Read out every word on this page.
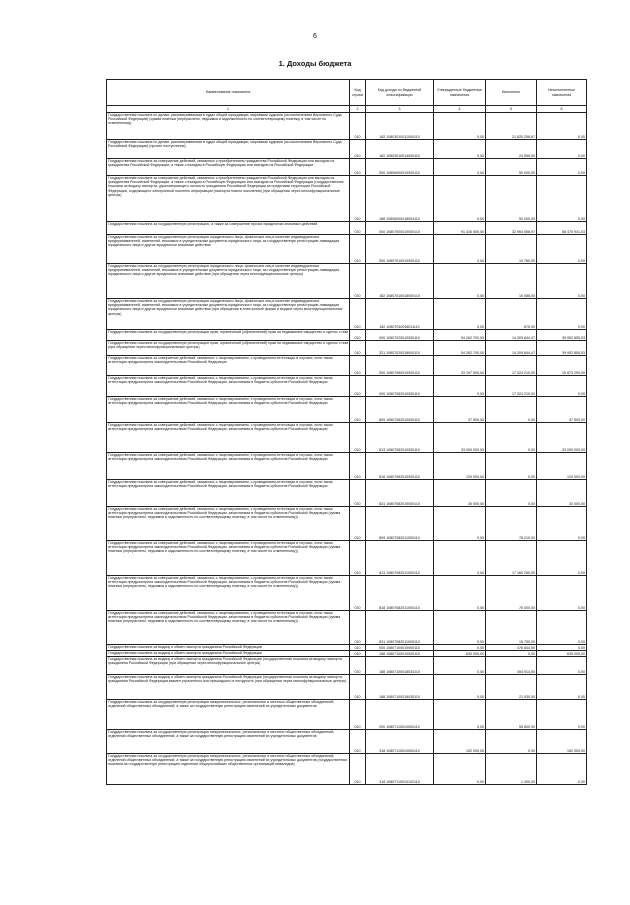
6
1. Доходы бюджета
Наименование показателя	Код строки	Код дохода по бюджетной классификации	Утвержденные бюджетные назначения	Исполнено	Неисполненные назначения
1	2	3	4	5	6
Государственная пошлина по делам, рассматриваемым в судах общей юрисдикции, мировыми судьями (за исключением Верховного Суда Российской Федерации) (сумма платежа (перерасчеты, недоимка и задолженность по соответствующему платежу, в том числе по отмененному)	010	182 10803010011000110	0,00	21 620 256,67	0,00
Государственная пошлина по делам, рассматриваемым в судах общей юрисдикции, мировыми судьями (за исключением Верховного Суда Российской Федерации) (прочие поступления)	010	182 10803010014000110	0,00	24 555,00	0,00
Государственная пошлина за совершение действий, связанных с приобретением гражданства Российской Федерации или выходом из гражданства Российской Федерации, а также с въездом в Российскую Федерацию или выездом из Российской Федерации	010	000 10806000010000110	0,00	50 000,00	0,00
Государственная пошлина за совершение действий, связанных с приобретением гражданства Российской Федерации или выходом из гражданства Российской Федерации, а также с въездом в Российскую Федерацию или выездом из Российской Федерации (государственная пошлина за выдачу паспорта, удостоверяющего личность гражданина Российской Федерации за пределами территории Российской Федерации, содержащего электронный носитель информации (паспорта нового поколения) (при обращении через многофункциональные центры)	010	188 10806000018004110	0,00	50 000,00	0,00
Государственная пошлина за государственную регистрацию, а также за совершение прочих юридически значимых действий	010	000 10807000010000110	91 435 500,00	32 964 558,97	58 470 941,03
Государственная пошлина за государственную регистрацию юридического лица, физических лиц в качестве индивидуальных предпринимателей, изменений, вносимых в учредительные документы юридического лица, за государственную регистрацию ликвидации юридического лица и другие юридически значимые действия	010	000 10807010010000110	0,00	10 760,00	0,00
Государственная пошлина за государственную регистрацию юридического лица, физических лиц в качестве индивидуальных предпринимателей, изменений, вносимых в учредительные документы юридического лица, за государственную регистрацию ликвидации юридического лица и другие юридически значимые действия (при обращении через многофункциональные центры)	010	182 10807010018000110	0,00	10 085,00	0,00
Государственная пошлина за государственную регистрацию юридического лица, физических лиц в качестве индивидуальных предпринимателей, изменений, вносимых в учредительные документы юридического лица, за государственную регистрацию ликвидации юридического лица и другие юридически значимые действия (при обращении в электронной форме и выдаче через многофункциональные центры)	010	182 10807010018011110	0,00	675,00	0,00
Государственная пошлина за государственную регистрацию прав, ограничений (обременений) прав на недвижимое имущество и сделок с ним	010	000 10807020010000110	54 262 700,00	14 309 844,47	39 952 855,53
Государственная пошлина за государственную регистрацию прав, ограничений (обременений) прав на недвижимое имущество и сделок с ним (при обращении через многофункциональные центры)	010	321 10807020018000110	54 262 700,00	14 309 844,47	39 952 855,53
Государственная пошлина за совершение действий, связанных с лицензированием, с проведением аттестации в случаях, если такая аттестация предусмотрена законодательством Российской Федерации	010	000 10807080010000110	33 197 500,00	17 324 210,00	15 873 290,00
Государственная пошлина за совершение действий, связанных с лицензированием, с проведением аттестации в случаях, если такая аттестация предусмотрена законодательством Российской Федерации, зачисляемая в бюджеты субъектов Российской Федерации	010	000 10807082010000110	0,00	17 324 210,00	0,00
Государственная пошлина за совершение действий, связанных с лицензированием, с проведением аттестации в случаях, если такая аттестация предусмотрена законодательством Российской Федерации, зачисляемая в бюджеты субъектов Российской Федерации	010	809 10807082010000110	47 500,00	0,00	47 500,00
Государственная пошлина за совершение действий, связанных с лицензированием, с проведением аттестации в случаях, если такая аттестация предусмотрена законодательством Российской Федерации, зачисляемая в бюджеты субъектов Российской Федерации	010	813 10807082010000110	33 000 000,00	0,00	33 000 000,00
Государственная пошлина за совершение действий, связанных с лицензированием, с проведением аттестации в случаях, если такая аттестация предусмотрена законодательством Российской Федерации, зачисляемая в бюджеты субъектов Российской Федерации	010	818 10807082010000110	120 000,00	0,00	120 000,00
Государственная пошлина за совершение действий, связанных с лицензированием, с проведением аттестации в случаях, если такая аттестация предусмотрена законодательством Российской Федерации, зачисляемая в бюджеты субъектов Российской Федерации	010	831 10807082010000110	30 000,00	0,00	30 000,00
Государственная пошлина за совершение действий, связанных с лицензированием, с проведением аттестации в случаях, если такая аттестация предусмотрена законодательством Российской Федерации, зачисляемая в бюджеты субъектов Российской Федерации (сумма платежа (перерасчеты, недоимка и задолженность по соответствующему платежу, в том числе по отмененному))	010	809 10807082011000110	0,00	78 210,00	0,00
Государственная пошлина за совершение действий, связанных с лицензированием, с проведением аттестации в случаях, если такая аттестация предусмотрена законодательством Российской Федерации, зачисляемая в бюджеты субъектов Российской Федерации (сумма платежа (перерасчеты, недоимка и задолженность по соответствующему платежу, в том числе по отмененному))	010	813 10807082011000110	0,00	17 160 250,00	0,00
Государственная пошлина за совершение действий, связанных с лицензированием, с проведением аттестации в случаях, если такая аттестация предусмотрена законодательством Российской Федерации, зачисляемая в бюджеты субъектов Российской Федерации (сумма платежа (перерасчеты, недоимка и задолженность по соответствующему платежу, в том числе по отмененному))	010	818 10807082011000110	0,00	70 000,00	0,00
Государственная пошлина за совершение действий, связанных с лицензированием, с проведением аттестации в случаях, если такая аттестация предусмотрена законодательством Российской Федерации, зачисляемая в бюджеты субъектов Российской Федерации (сумма платежа (перерасчеты, недоимка и задолженность по соответствующему платежу, в том числе по отмененному))	010	831 10807082011000110	0,00	15 750,00	0,00
Государственная пошлина за выдачу и обмен паспорта гражданина Российской Федерации	010	000 10807100010000110	0,00	476 844,50	0,00
Государственная пошлина за выдачу и обмен паспорта гражданина Российской Федерации	010	188 10807100010000110	630 000,00	0,00	630 000,00
Государственная пошлина за выдачу и обмен паспорта гражданина Российской Федерации (государственная пошлина за выдачу паспорта гражданина Российской Федерации (при обращении через многофункциональные центры)	010	188 10807100018034110	0,00	454 914,50	0,00
Государственная пошлина за выдачу и обмен паспорта гражданина Российской Федерации (государственная пошлина за выдачу паспорта гражданина Российской Федерации взамен утраченного или пришедшего в негодность (при обращении через многофункциональные центры)	010	188 10807100018035110	0,00	21 930,00	0,00
Государственная пошлина за государственную регистрацию межрегиональных, региональных и местных общественных объединений, отделений общественных объединений, а также за государственную регистрацию изменений их учредительных документов	010	000 10807110010000110	0,00	55 800,00	0,00
Государственная пошлина за государственную регистрацию межрегиональных, региональных и местных общественных объединений, отделений общественных объединений, а также за государственную регистрацию изменений их учредительных документов	010	318 10807110010000110	152 000,00	0,00	152 000,00
Государственная пошлина за государственную регистрацию межрегиональных, региональных и местных общественных объединений, отделений общественных объединений, а также за государственную регистрацию изменений их учредительных документов (государственная пошлина за государственную регистрацию отделения общероссийских общественных организаций инвалидов)	010	318 10807110010102110	0,00	1 400,00	0,00
